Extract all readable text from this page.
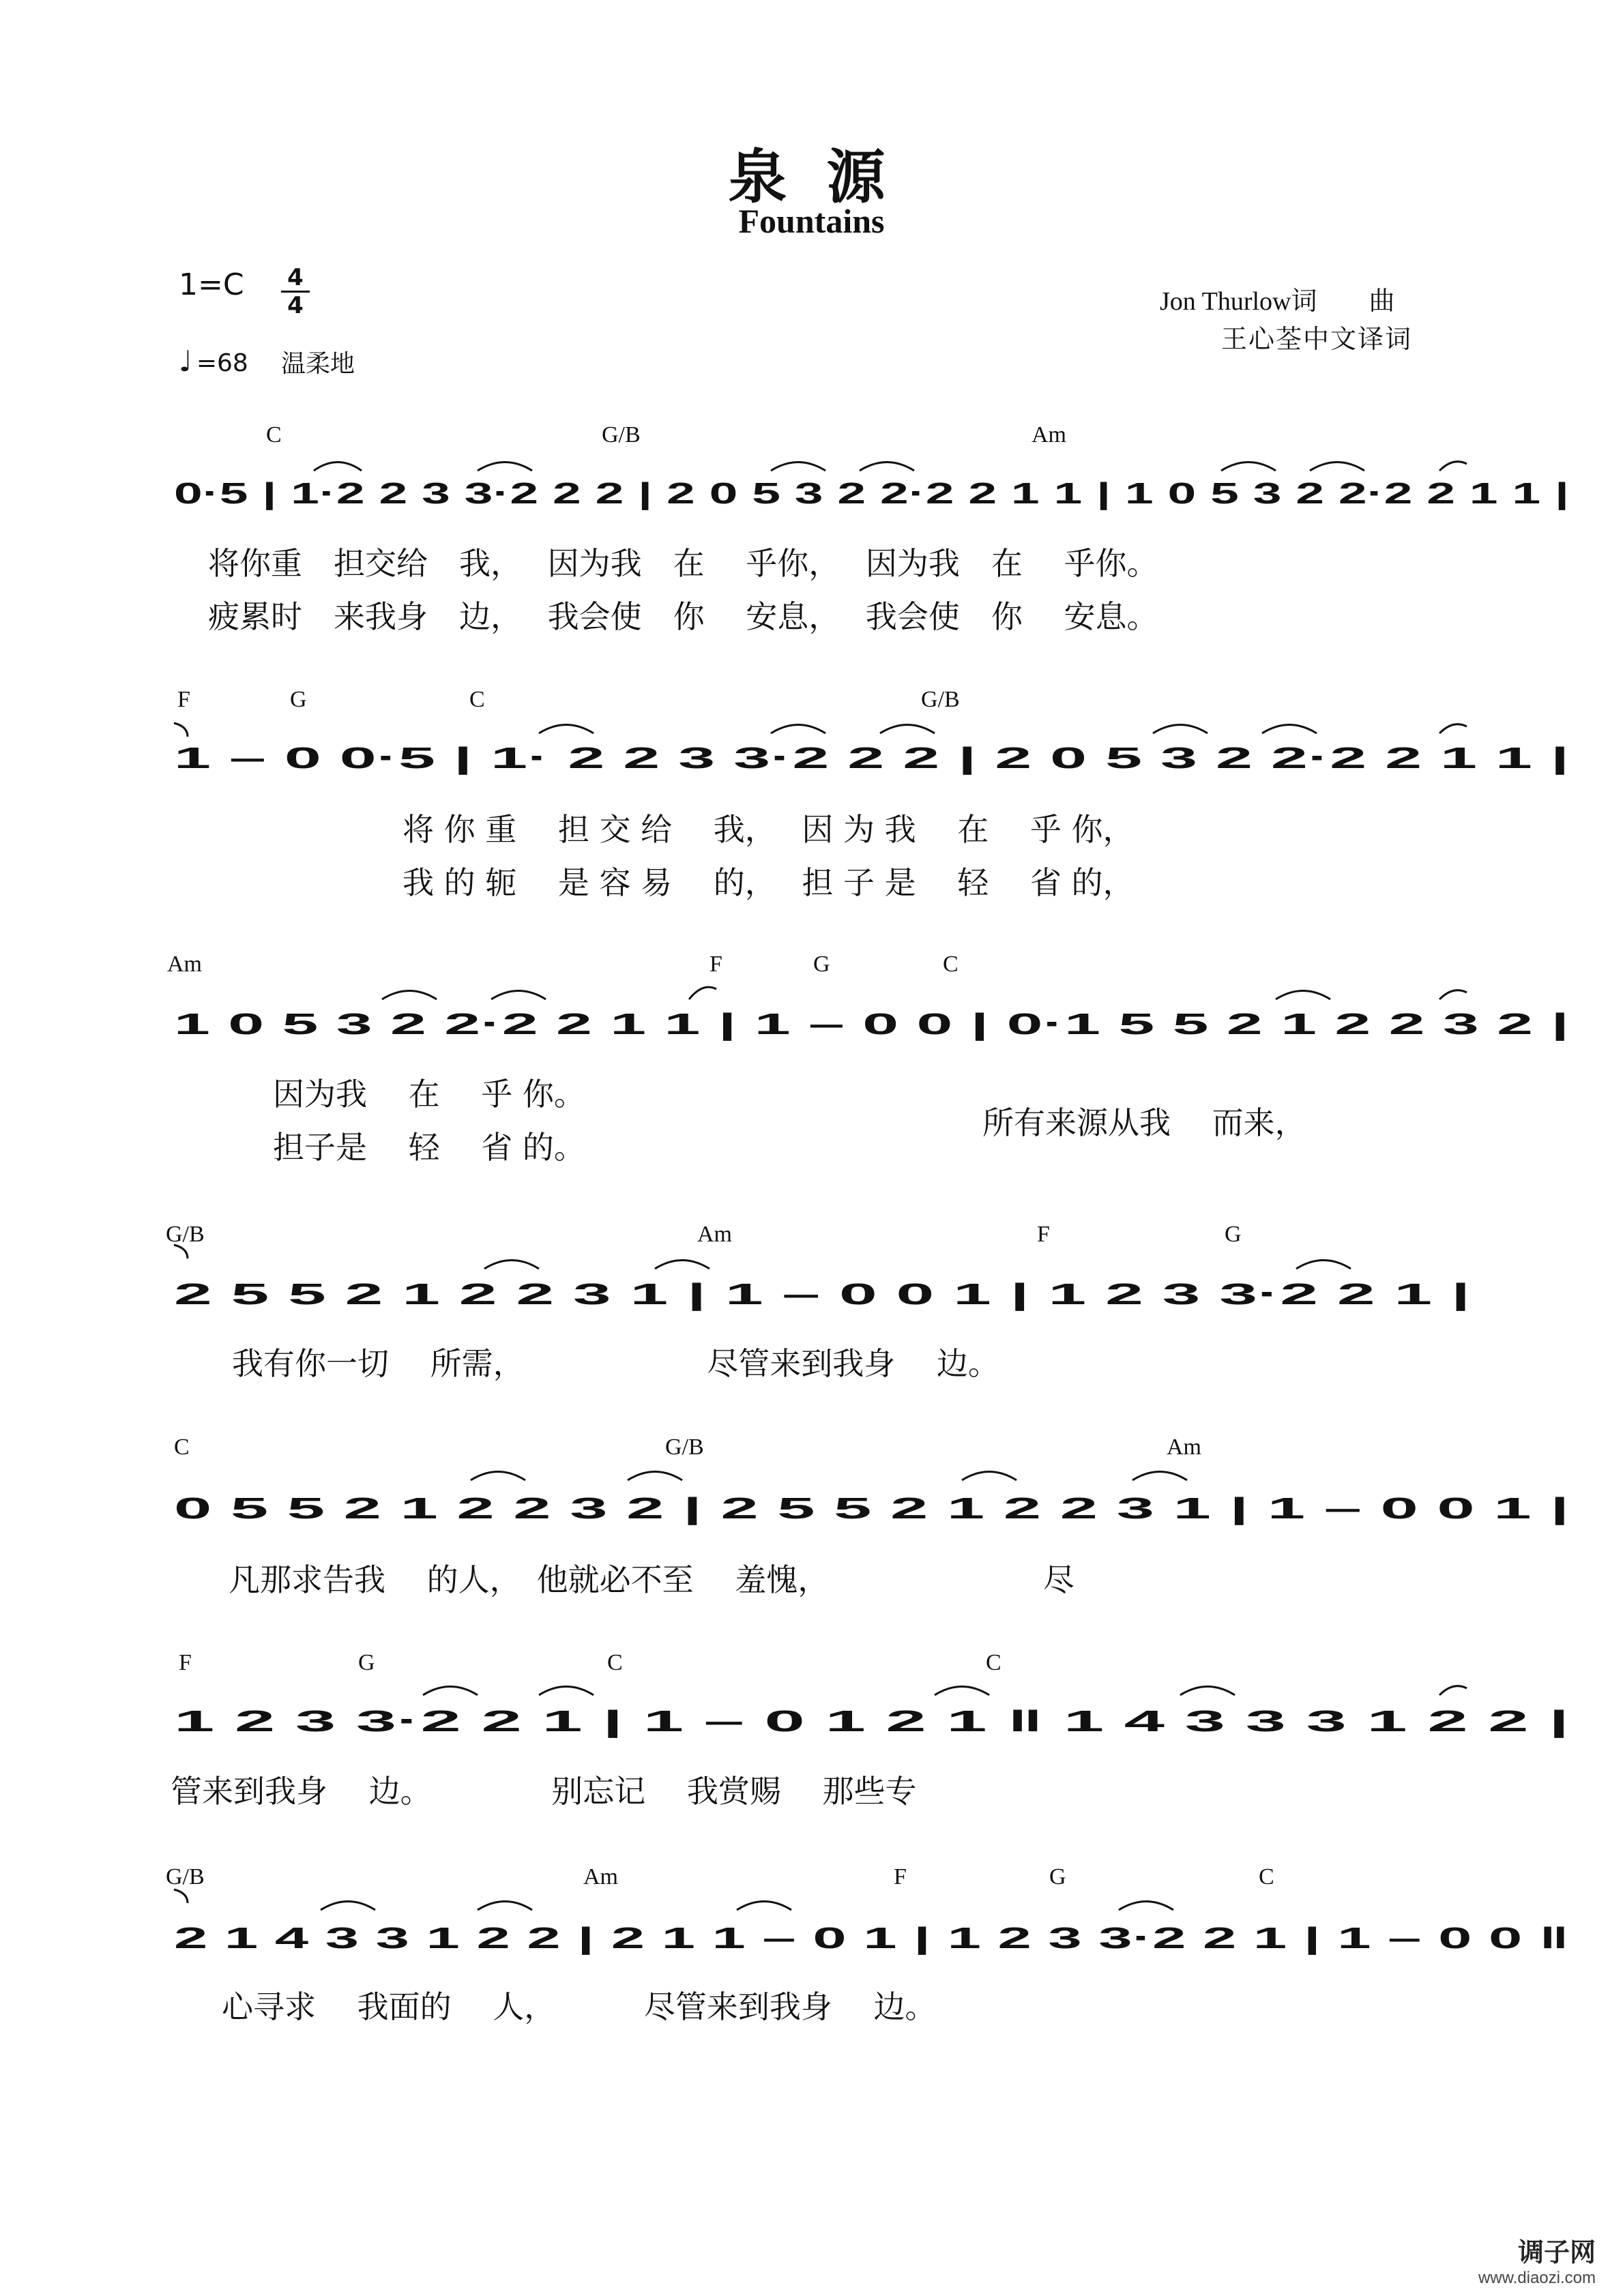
泉 源
Fountains
1=C 4
4
♩ =68 温柔地
Jon Thurlow词　　曲
王心荃中文译词
C	G/B	Am
0·5 | 1·2 2 3 3·2 2 2 | 2 0 5 3 2 2·2 2 1 1 | 1 0 5 3 2 2·2 2 1 1 |
F	G	C	G/B
1 – 0 0·5 | 1· 2 2 3 3·2 2 2 | 2 0 5 3 2 2·2 2 1 1 |
Am	F	G	C
1 0 5 3 2 2·2 2 1 1 | 1 – 0 0 | 0·1 5 5 2 1 2 2 3 2 |
G/B	Am	F	G
2 5 5 2 1 2 2 3 1 | 1 – 0 0 1 | 1 2 3 3·2 2 1 |
C	G/B	Am
0 5 5 2 1 2 2 3 2 | 2 5 5 2 1 2 2 3 1 | 1 – 0 0 1 |
F	G	C	C
1 2 3 3·2 2 1 | 1 – 0 1 2 1 ‖ 1 4 3 3 3 1 2 2 |
G/B	Am	F	G	C
2 1 4 3 3 1 2 2 | 2 1 1 – 0 1 | 1 2 3 3·2 2 1 | 1 – 0 0 ‖
将你重　担交给　我，　 因为我　在　 乎你，　 因为我　在　 乎你。
疲累时　来我身　边，　 我会使　你　 安息，　 我会使　你　 安息。
将 你 重　 担 交 给　 我，　 因 为 我　 在　 乎 你，
我 的 轭　 是 容 易　 的，　 担 子 是　 轻　 省 的，
因为我　 在　 乎 你。
担子是　 轻　 省 的。
所有来源从我　 而来，
我有你一切　 所需，　　　　　　 尽管来到我身　 边。
凡那求告我　 的人，　他就必不至　 羞愧，　　　　　　　 尽
管来到我身　 边。　　　　 别忘记　 我赏赐　 那些专
心寻求　 我面的　 人，　　　 尽管来到我身　 边。
调子网
www.diaozi.com
